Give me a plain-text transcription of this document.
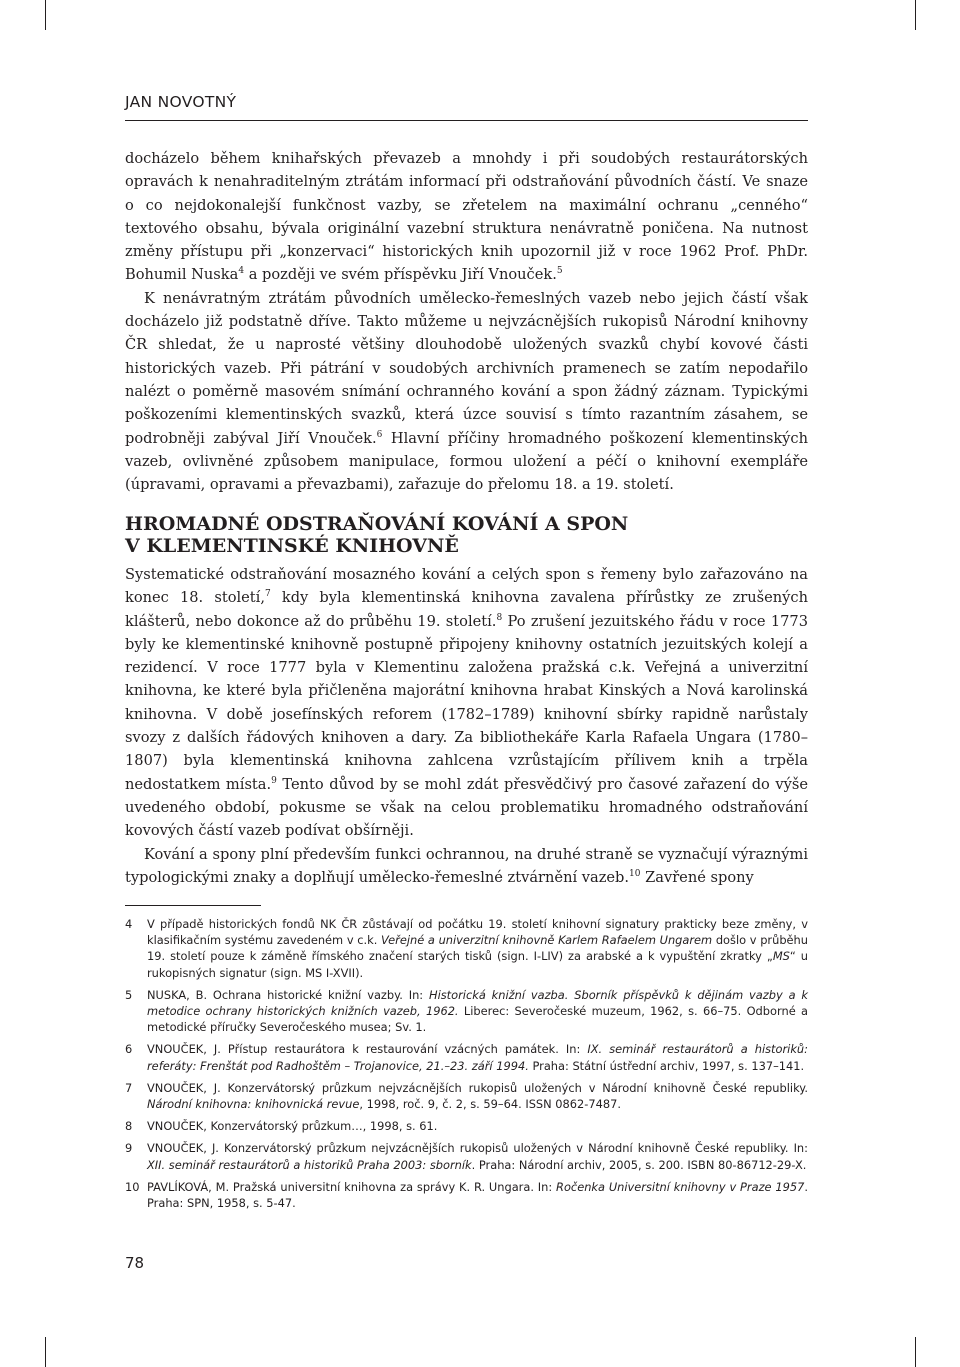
JAN NOVOTNÝ

docházelo během knihařských převazeb a mnohdy i při soudobých restaurátorských opravách k nenahraditelným ztrátám informací při odstraňování původních částí. Ve snaze o co nejdokonalejší funkčnost vazby, se zřetelem na maximální ochranu „cenného“ textového obsahu, bývala originální vazební struktura nenávratně poničena. Na nutnost změny přístupu při „konzervaci“ historických knih upozornil již v roce 1962 Prof. PhDr. Bohumil Nuska$^4$ a později ve svém příspěvku Jiří Vnouček.$^5$

K nenávratným ztrátám původních umělecko-řemeslných vazeb nebo jejich částí však docházelo již podstatně dříve. Takto můžeme u nejvzácnějších rukopisů Národní knihovny ČR shledat, že u naprosté většiny dlouhodobě uložených svazků chybí kovové části historických vazeb. Při pátrání v soudobých archivních pramenech se zatím nepodařilo nalézt o poměrně masovém snímání ochranného kování a spon žádný záznam. Typickými poškozeními klementinských svazků, která úzce souvisí s tímto razantním zásahem, se podrobněji zabýval Jiří Vnouček.$^6$ Hlavní příčiny hromadného poškození klementinských vazeb, ovlivněné způsobem manipulace, formou uložení a péčí o knihovní exempláře (úpravami, opravami a převazbami), zařazuje do přelomu 18. a 19. století.

HROMADNÉ ODSTRAŇOVÁNÍ KOVÁNÍ A SPON
V KLEMENTINSKÉ KNIHOVNĚ

Systematické odstraňování mosazného kování a celých spon s řemeny bylo zařazováno na konec 18. století,$^7$ kdy byla klementinská knihovna zavalena přírůstky ze zrušených klášterů, nebo dokonce až do průběhu 19. století.$^8$ Po zrušení jezuitského řádu v roce 1773 byly ke klementinské knihovně postupně připojeny knihovny ostatních jezuitských kolejí a rezidencí. V roce 1777 byla v Klementinu založena pražská c.k. Veřejná a univerzitní knihovna, ke které byla přičleněna majorátní knihovna hrabat Kinských a Nová karolinská knihovna. V době josefínských reforem (1782–1789) knihovní sbírky rapidně narůstaly svozy z dalších řádových knihoven a dary. Za bibliothekáře Karla Rafaela Ungara (1780–1807) byla klementinská knihovna zahlcena vzrůstajícím přílivem knih a trpěla nedostatkem místa.$^9$ Tento důvod by se mohl zdát přesvědčivý pro časové zařazení do výše uvedeného období, pokusme se však na celou problematiku hromadného odstraňování kovových částí vazeb podívat obšírněji.

Kování a spony plní především funkci ochrannou, na druhé straně se vyznačují výraznými typologickými znaky a doplňují umělecko-řemeslné ztvárnění vazeb.$^{10}$ Zavřené spony

4	V případě historických fondů NK ČR zůstávají od počátku 19. století knihovní signatury prakticky beze změny, v klasifikačním systému zavedeném v c.k. Veřejné a univerzitní knihovně Karlem Rafaelem Ungarem došlo v průběhu 19. století pouze k záměně římského značení starých tisků (sign. I-LIV) za arabské a k vypuštění zkratky „MS“ u rukopisných signatur (sign. MS I-XVII).
5	NUSKA, B. Ochrana historické knižní vazby. In: Historická knižní vazba. Sborník příspěvků k dějinám vazby a k metodice ochrany historických knižních vazeb, 1962. Liberec: Severočeské muzeum, 1962, s. 66–75. Odborné a metodické příručky Severočeského musea; Sv. 1.
6	VNOUČEK, J. Přístup restaurátora k restaurování vzácných památek. In: IX. seminář restaurátorů a historiků: referáty: Frenštát pod Radhoštěm – Trojanovice, 21.–23. září 1994. Praha: Státní ústřední archiv, 1997, s. 137–141.
7	VNOUČEK, J. Konzervátorský průzkum nejvzácnějších rukopisů uložených v Národní knihovně České republiky. Národní knihovna: knihovnická revue, 1998, roč. 9, č. 2, s. 59–64. ISSN 0862-7487.
8	VNOUČEK, Konzervátorský průzkum…, 1998, s. 61.
9	VNOUČEK, J. Konzervátorský průzkum nejvzácnějších rukopisů uložených v Národní knihovně České republiky. In: XII. seminář restaurátorů a historiků Praha 2003: sborník. Praha: Národní archiv, 2005, s. 200. ISBN 80-86712-29-X.
10 PAVLÍKOVÁ, M. Pražská universitní knihovna za správy K. R. Ungara. In: Ročenka Universitní knihovny v Praze 1957. Praha: SPN, 1958, s. 5-47.
78
